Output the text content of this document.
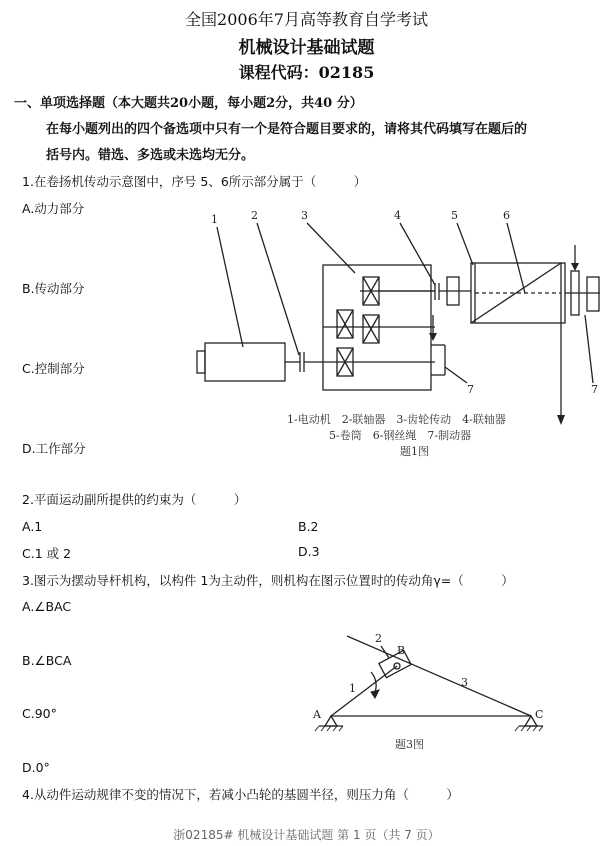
全国2006年7月高等教育自学考试
机械设计基础试题
课程代码：02185
一、单项选择题（本大题共20小题，每小题2分，共40 分）
在每小题列出的四个备选项中只有一个是符合题目要求的，请将其代码填写在题后的
括号内。错选、多选或未选均无分。
1.在卷扬机传动示意图中，序号 5、6所示部分属于（　　　）
A.动力部分
B.传动部分
C.控制部分
D.工作部分
1	2	3	4	5	6
7	7
1-电动机　2-联轴器　3-齿轮传动　4-联轴器
5-卷筒　6-钢丝绳　7-制动器
题1图
2.平面运动副所提供的约束为（　　　）
A.1	B.2
C.1 或 2	D.3
3.图示为摆动导杆机构，以构件 1为主动件，则机构在图示位置时的传动角γ=（　　　）
A.∠BAC
B.∠BCA
C.90°
D.0°
A
B
C
1
2
3
题3图
4.从动件运动规律不变的情况下，若减小凸轮的基圆半径，则压力角（　　　）
浙02185# 机械设计基础试题 第 1 页（共 7 页）
